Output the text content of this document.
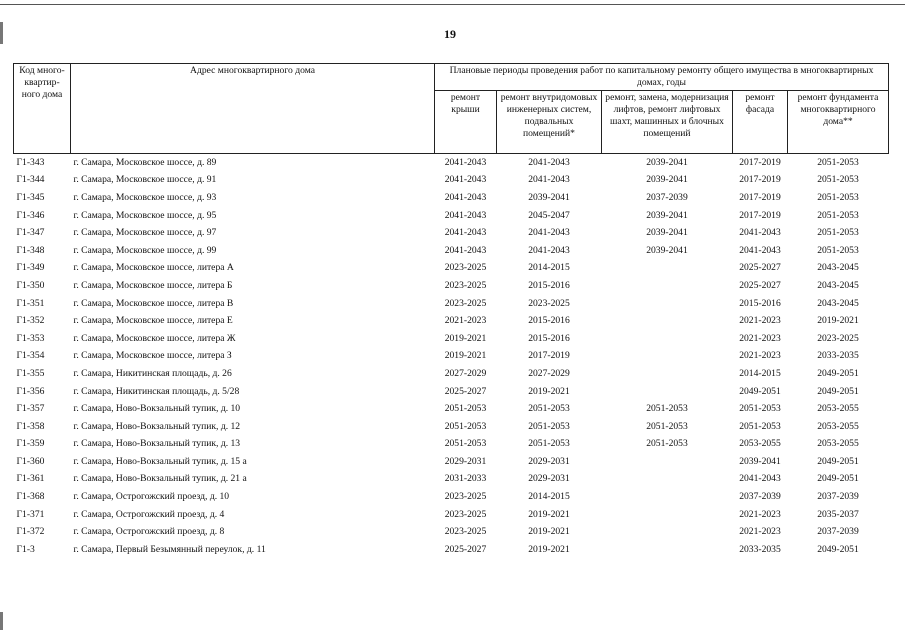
19
Код много-квартир-ного дома	Адрес многоквартирного дома	Плановые периоды проведения работ по капитальному ремонту общего имущества в многоквартирных домах, годы				
		ремонт крыши	ремонт внутридомовых инженерных систем, подвальных помещений*	ремонт, замена, модернизация лифтов, ремонт лифтовых шахт, машинных и блочных помещений	ремонт фасада	ремонт фундамента многоквартирного дома**
Г1-343	г. Самара, Московское шоссе, д. 89	2041-2043	2041-2043	2039-2041	2017-2019	2051-2053
Г1-344	г. Самара, Московское шоссе, д. 91	2041-2043	2041-2043	2039-2041	2017-2019	2051-2053
Г1-345	г. Самара, Московское шоссе, д. 93	2041-2043	2039-2041	2037-2039	2017-2019	2051-2053
Г1-346	г. Самара, Московское шоссе, д. 95	2041-2043	2045-2047	2039-2041	2017-2019	2051-2053
Г1-347	г. Самара, Московское шоссе, д. 97	2041-2043	2041-2043	2039-2041	2041-2043	2051-2053
Г1-348	г. Самара, Московское шоссе, д. 99	2041-2043	2041-2043	2039-2041	2041-2043	2051-2053
Г1-349	г. Самара, Московское шоссе, литера А	2023-2025	2014-2015		2025-2027	2043-2045
Г1-350	г. Самара, Московское шоссе, литера Б	2023-2025	2015-2016		2025-2027	2043-2045
Г1-351	г. Самара, Московское шоссе, литера В	2023-2025	2023-2025		2015-2016	2043-2045
Г1-352	г. Самара, Московское шоссе, литера Е	2021-2023	2015-2016		2021-2023	2019-2021
Г1-353	г. Самара, Московское шоссе, литера Ж	2019-2021	2015-2016		2021-2023	2023-2025
Г1-354	г. Самара, Московское шоссе, литера З	2019-2021	2017-2019		2021-2023	2033-2035
Г1-355	г. Самара, Никитинская площадь, д. 26	2027-2029	2027-2029		2014-2015	2049-2051
Г1-356	г. Самара, Никитинская площадь, д. 5/28	2025-2027	2019-2021		2049-2051	2049-2051
Г1-357	г. Самара, Ново-Вокзальный тупик, д. 10	2051-2053	2051-2053	2051-2053	2051-2053	2053-2055
Г1-358	г. Самара, Ново-Вокзальный тупик, д. 12	2051-2053	2051-2053	2051-2053	2051-2053	2053-2055
Г1-359	г. Самара, Ново-Вокзальный тупик, д. 13	2051-2053	2051-2053	2051-2053	2053-2055	2053-2055
Г1-360	г. Самара, Ново-Вокзальный тупик, д. 15 а	2029-2031	2029-2031		2039-2041	2049-2051
Г1-361	г. Самара, Ново-Вокзальный тупик, д. 21 а	2031-2033	2029-2031		2041-2043	2049-2051
Г1-368	г. Самара, Острогожский проезд, д. 10	2023-2025	2014-2015		2037-2039	2037-2039
Г1-371	г. Самара, Острогожский проезд, д. 4	2023-2025	2019-2021		2021-2023	2035-2037
Г1-372	г. Самара, Острогожский проезд, д. 8	2023-2025	2019-2021		2021-2023	2037-2039
Г1-3	г. Самара, Первый Безымянный переулок, д. 11	2025-2027	2019-2021		2033-2035	2049-2051
